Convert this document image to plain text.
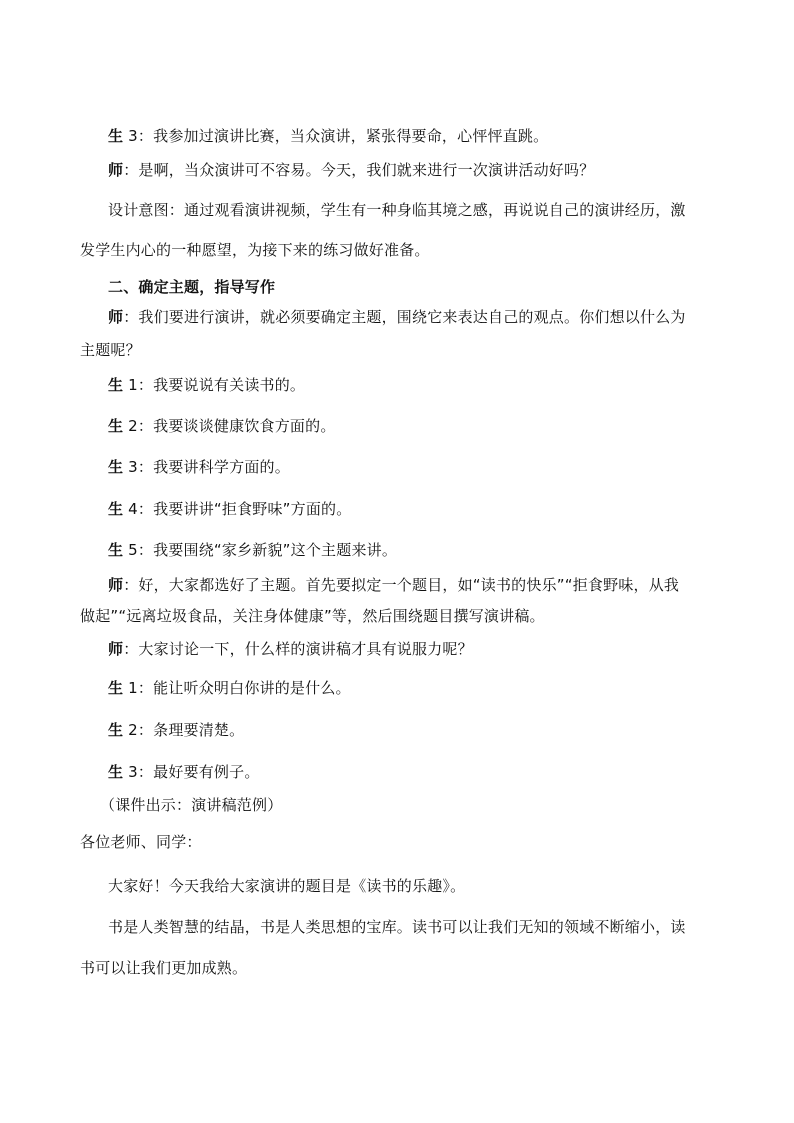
生 3：我参加过演讲比赛，当众演讲，紧张得要命，心怦怦直跳。
师：是啊，当众演讲可不容易。今天，我们就来进行一次演讲活动好吗？
设计意图：通过观看演讲视频，学生有一种身临其境之感，再说说自己的演讲经历，激
发学生内心的一种愿望，为接下来的练习做好准备。
二、确定主题，指导写作
师：我们要进行演讲，就必须要确定主题，围绕它来表达自己的观点。你们想以什么为
主题呢？
生 1：我要说说有关读书的。
生 2：我要谈谈健康饮食方面的。
生 3：我要讲科学方面的。
生 4：我要讲讲“拒食野味”方面的。
生 5：我要围绕“家乡新貌”这个主题来讲。
师：好，大家都选好了主题。首先要拟定一个题目，如“读书的快乐”“拒食野味，从我
做起”“远离垃圾食品，关注身体健康”等，然后围绕题目撰写演讲稿。
师：大家讨论一下，什么样的演讲稿才具有说服力呢？
生 1：能让听众明白你讲的是什么。
生 2：条理要清楚。
生 3：最好要有例子。
（课件出示：演讲稿范例）
各位老师、同学：
大家好！今天我给大家演讲的题目是《读书的乐趣》。
书是人类智慧的结晶，书是人类思想的宝库。读书可以让我们无知的领域不断缩小，读
书可以让我们更加成熟。
